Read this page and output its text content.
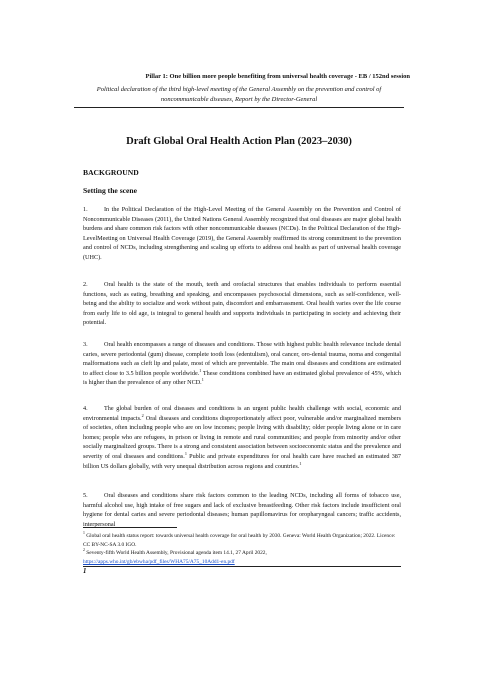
Pillar 1: One billion more people benefiting from universal health coverage - EB / 152nd session
Political declaration of the third high-level meeting of the General Assembly on the prevention and control of noncommunicable diseases, Report by the Director-General
Draft Global Oral Health Action Plan (2023–2030)
BACKGROUND
Setting the scene

1.	In the Political Declaration of the High-Level Meeting of the General Assembly on the Prevention and Control of Noncommunicable Diseases (2011), the United Nations General Assembly recognized that oral diseases are major global health burdens and share common risk factors with other noncommunicable diseases (NCDs). In the Political Declaration of the High-LevelMeeting on Universal Health Coverage (2019), the General Assembly reaffirmed its strong commitment to the prevention and control of NCDs, including strengthening and scaling up efforts to address oral health as part of universal health coverage (UHC).

2.	Oral health is the state of the mouth, teeth and orofacial structures that enables individuals to perform essential functions, such as eating, breathing and speaking, and encompasses psychosocial dimensions, such as self-confidence, well-being and the ability to socialize and work without pain, discomfort and embarrassment. Oral health varies over the life course from early life to old age, is integral to general health and supports individuals in participating in society and achieving their potential.

3.	Oral health encompasses a range of diseases and conditions. Those with highest public health relevance include dental caries, severe periodontal (gum) disease, complete tooth loss (edentulism), oral cancer, oro-dental trauma, noma and congenital malformations such as cleft lip and palate, most of which are preventable. The main oral diseases and conditions are estimated to affect close to 3.5 billion people worldwide.$^1$ These conditions combined have an estimated global prevalence of 45%, which is higher than the prevalence of any other NCD.$^1$

4.	The global burden of oral diseases and conditions is an urgent public health challenge with social, economic and environmental impacts.$^2$ Oral diseases and conditions disproportionately affect poor, vulnerable and/or marginalized members of societies, often including people who are on low incomes; people living with disability; older people living alone or in care homes; people who are refugees, in prison or living in remote and rural communities; and people from minority and/or other socially marginalized groups. There is a strong and consistent association between socioeconomic status and the prevalence and severity of oral diseases and conditions.$^1$ Public and private expenditures for oral health care have reached an estimated 387 billion US dollars globally, with very unequal distribution across regions and countries.$^1$

5.	Oral diseases and conditions share risk factors common to the leading NCDs, including all forms of tobacco use, harmful alcohol use, high intake of free sugars and lack of exclusive breastfeeding. Other risk factors include insufficient oral hygiene for dental caries and severe periodontal diseases; human papillomavirus for oropharyngeal cancers; traffic accidents, interpersonal

$^1$ Global oral health status report: towards universal health coverage for oral health by 2030. Geneva: World Health Organization; 2022. Licence: CC BY-NC-SA 3.0 IGO.
$^2$ Seventy-fifth World Health Assembly, Provisional agenda item 14.1, 27 April 2022,
https://apps.who.int/gb/ebwha/pdf_files/WHA75/A75_10Add1-en.pdf
1
